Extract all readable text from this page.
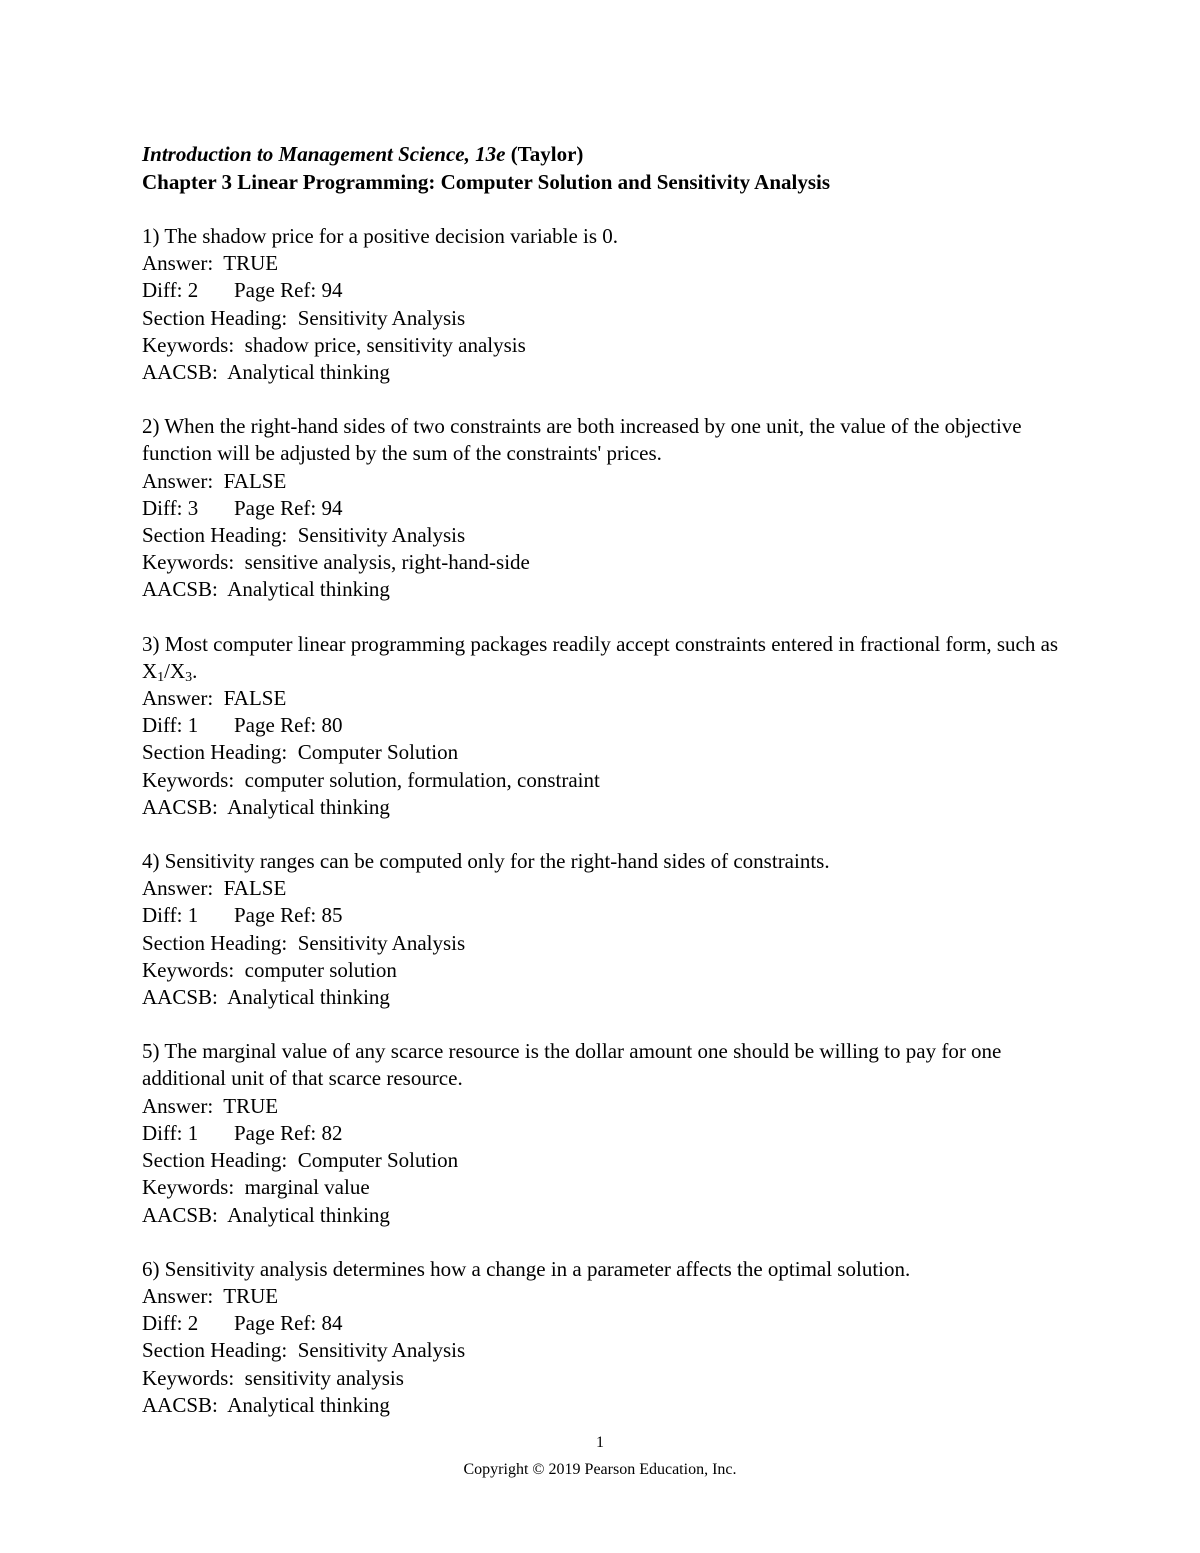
Introduction to Management Science, 13e (Taylor)
Chapter 3 Linear Programming: Computer Solution and Sensitivity Analysis
1) The shadow price for a positive decision variable is 0.
Answer: TRUE
Diff: 2 Page Ref: 94
Section Heading: Sensitivity Analysis
Keywords: shadow price, sensitivity analysis
AACSB: Analytical thinking
2) When the right-hand sides of two constraints are both increased by one unit, the value of the objective function will be adjusted by the sum of the constraints' prices.
Answer: FALSE
Diff: 3 Page Ref: 94
Section Heading: Sensitivity Analysis
Keywords: sensitive analysis, right-hand-side
AACSB: Analytical thinking
3) Most computer linear programming packages readily accept constraints entered in fractional form, such as $X_1/X_3$.
Answer: FALSE
Diff: 1 Page Ref: 80
Section Heading: Computer Solution
Keywords: computer solution, formulation, constraint
AACSB: Analytical thinking
4) Sensitivity ranges can be computed only for the right-hand sides of constraints.
Answer: FALSE
Diff: 1 Page Ref: 85
Section Heading: Sensitivity Analysis
Keywords: computer solution
AACSB: Analytical thinking
5) The marginal value of any scarce resource is the dollar amount one should be willing to pay for one additional unit of that scarce resource.
Answer: TRUE
Diff: 1 Page Ref: 82
Section Heading: Computer Solution
Keywords: marginal value
AACSB: Analytical thinking
6) Sensitivity analysis determines how a change in a parameter affects the optimal solution.
Answer: TRUE
Diff: 2 Page Ref: 84
Section Heading: Sensitivity Analysis
Keywords: sensitivity analysis
AACSB: Analytical thinking
1
Copyright © 2019 Pearson Education, Inc.
